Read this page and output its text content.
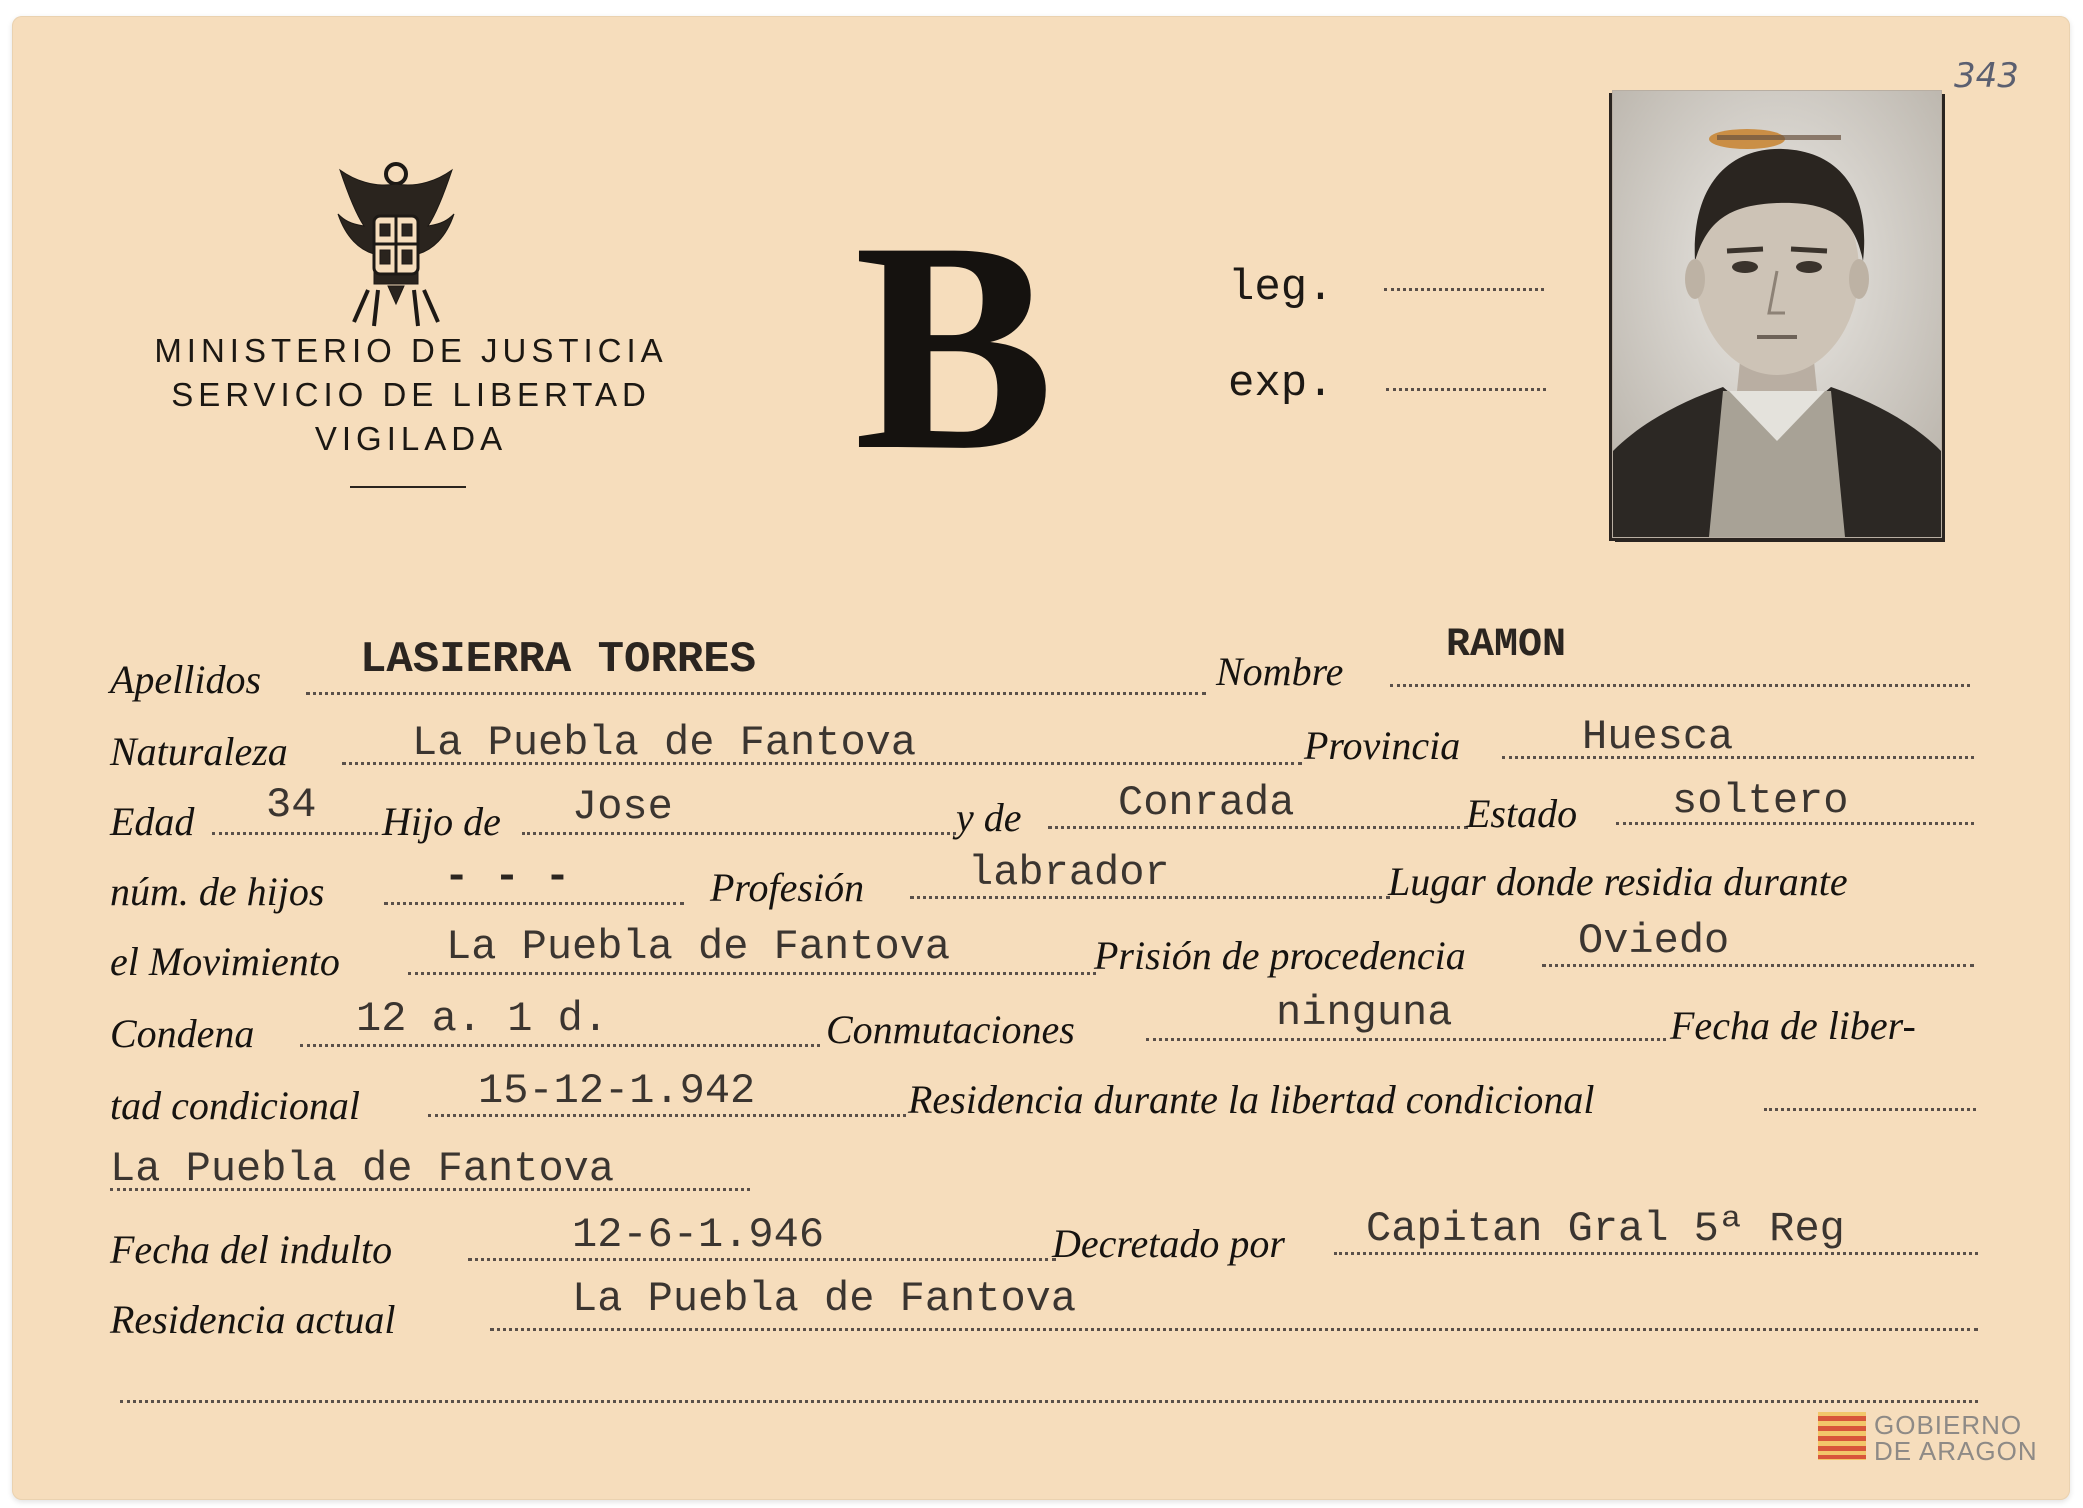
343
MINISTERIO DE JUSTICIA
SERVICIO DE LIBERTAD
VIGILADA	B	leg.
exp.
Apellidos LASIERRA TORRES	Nombre
RAMON
Naturaleza	La Puebla de Fantova	Provincia	Huesca
Edad 34 Hijo de Jose	y de Conrada	Estado soltero
núm. de hijos	- - -	Profesión labrador	Lugar donde residia durante
el Movimiento	La Puebla de Fantova	Prisión de procedencia	Oviedo
Condena 12 a. 1 d.	Conmutaciones	ninguna	Fecha de liber-
tad condicional	15-12-1.942	Residencia durante la libertad condicional
La Puebla de Fantova
Fecha del indulto	12-6-1.946	Decretado por Capitan Gral 5ª Reg
Residencia actual	La Puebla de Fantova
GOBIERNO
DE ARAGON
